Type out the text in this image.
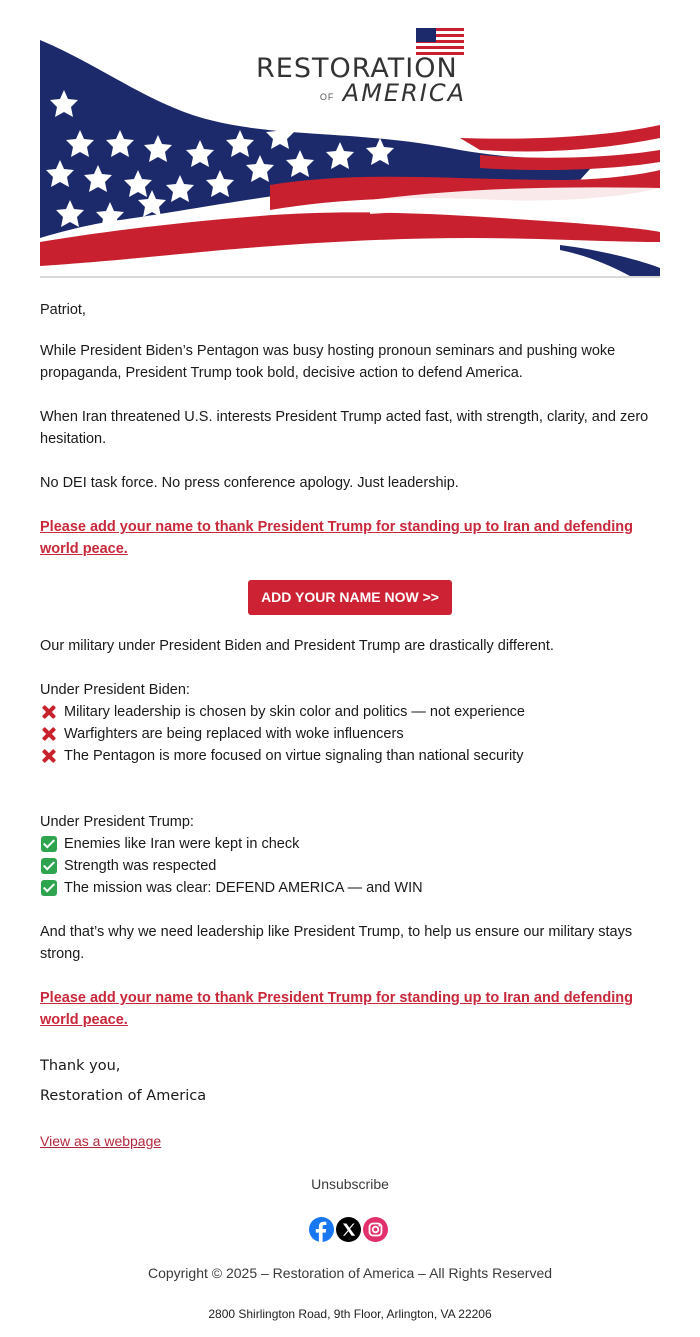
RESTORATION
OF AMERICA
Patriot,
While President Biden’s Pentagon was busy hosting pronoun seminars and pushing woke propaganda, President Trump took bold, decisive action to defend America.
When Iran threatened U.S. interests President Trump acted fast, with strength, clarity, and zero hesitation.
No DEI task force. No press conference apology. Just leadership.
Please add your name to thank President Trump for standing up to Iran and defending world peace.
ADD YOUR NAME NOW >>
Our military under President Biden and President Trump are drastically different.
Under President Biden:
Military leadership is chosen by skin color and politics — not experience
Warfighters are being replaced with woke influencers
The Pentagon is more focused on virtue signaling than national security
Under President Trump:
Enemies like Iran were kept in check
Strength was respected
The mission was clear: DEFEND AMERICA — and WIN
And that’s why we need leadership like President Trump, to help us ensure our military stays strong.
Please add your name to thank President Trump for standing up to Iran and defending world peace.
Thank you,
Restoration of America
View as a webpage
Unsubscribe
Copyright © 2025 – Restoration of America – All Rights Reserved
2800 Shirlington Road, 9th Floor, Arlington, VA 22206
